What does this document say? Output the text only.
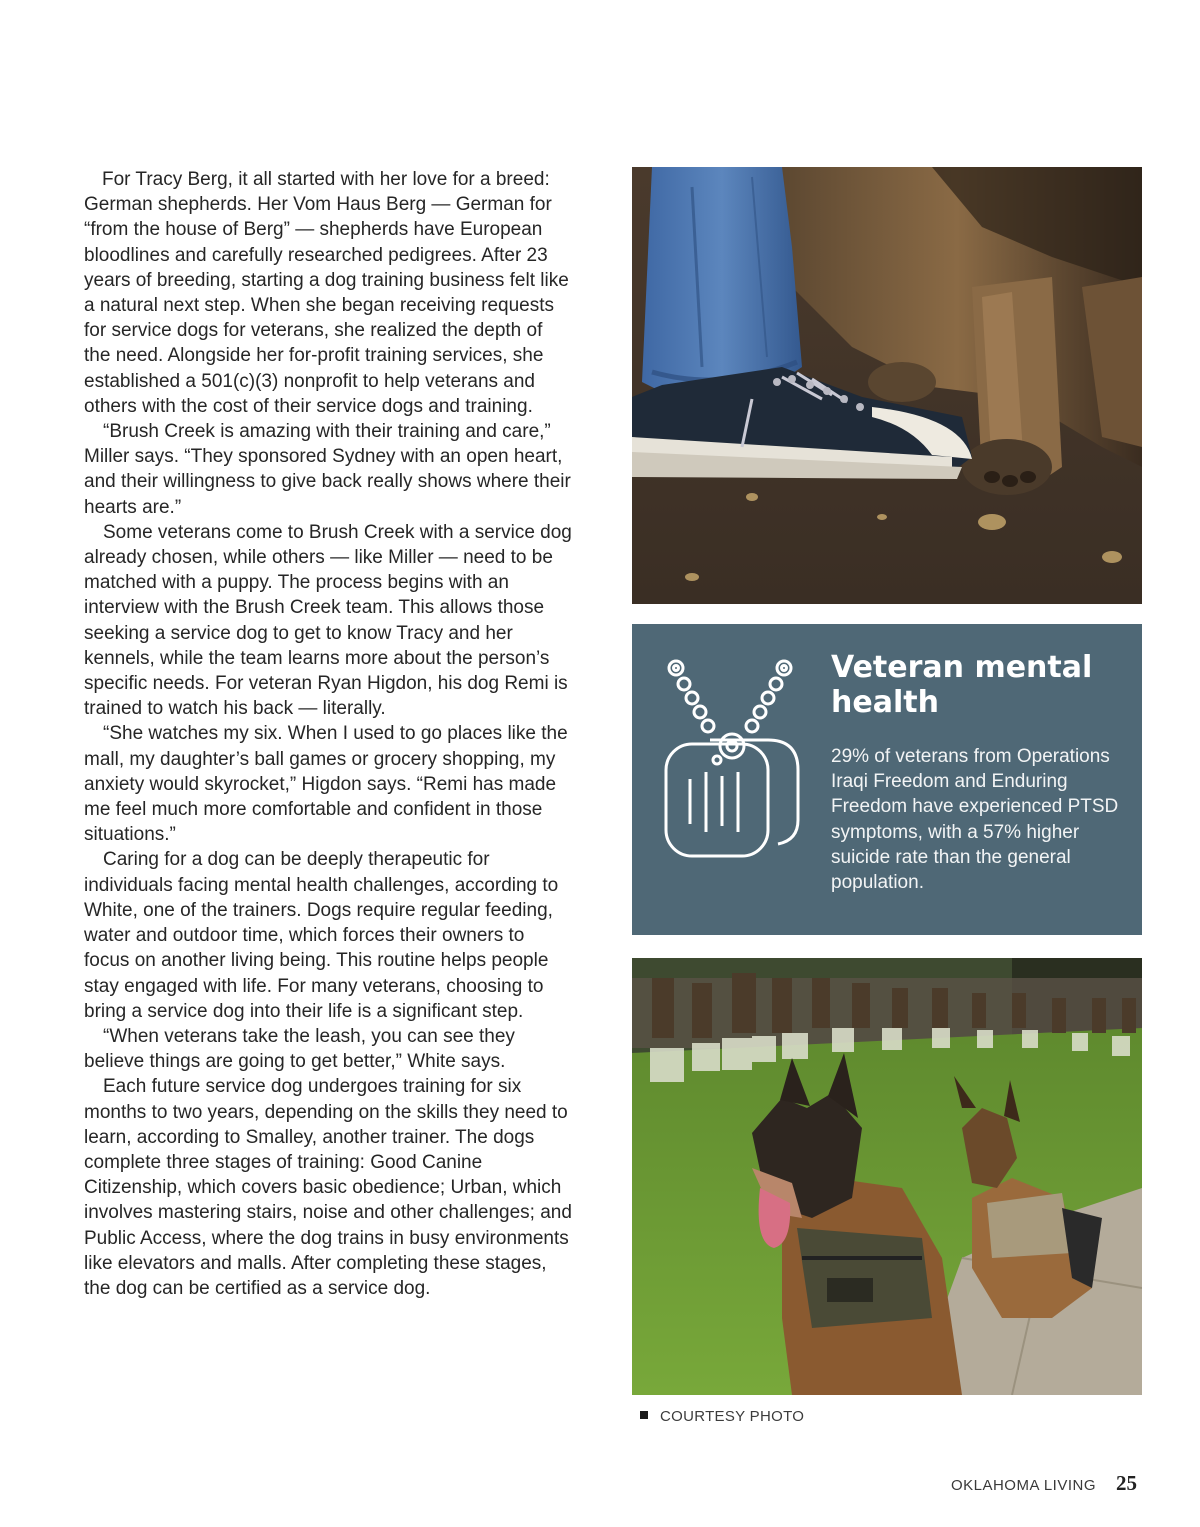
For Tracy Berg, it all started with her love for a breed: German shepherds. Her Vom Haus Berg — German for “from the house of Berg” — shepherds have European bloodlines and carefully researched pedigrees. After 23 years of breeding, starting a dog training business felt like a natural next step. When she began receiving requests for service dogs for veterans, she realized the depth of the need. Alongside her for-profit training services, she established a 501(c)(3) nonprofit to help veterans and others with the cost of their service dogs and training.

“Brush Creek is amazing with their training and care,” Miller says. “They sponsored Sydney with an open heart, and their willingness to give back really shows where their hearts are.”

Some veterans come to Brush Creek with a service dog already chosen, while others — like Miller — need to be matched with a puppy. The process begins with an interview with the Brush Creek team. This allows those seeking a service dog to get to know Tracy and her kennels, while the team learns more about the person’s specific needs. For veteran Ryan Higdon, his dog Remi is trained to watch his back — literally.

“She watches my six. When I used to go places like the mall, my daughter’s ball games or grocery shopping, my anxiety would skyrocket,” Higdon says. “Remi has made me feel much more comfortable and confident in those situations.”

Caring for a dog can be deeply therapeutic for individuals facing mental health challenges, according to White, one of the trainers. Dogs require regular feeding, water and outdoor time, which forces their owners to focus on another living being. This routine helps people stay engaged with life. For many veterans, choosing to bring a service dog into their life is a significant step.

“When veterans take the leash, you can see they believe things are going to get better,” White says.

Each future service dog undergoes training for six months to two years, depending on the skills they need to learn, according to Smalley, another trainer. The dogs complete three stages of training: Good Canine Citizenship, which covers basic obedience; Urban, which involves mastering stairs, noise and other challenges; and Public Access, where the dog trains in busy environments like elevators and malls. After completing these stages, the dog can be certified as a service dog.

Veteran mental health

29% of veterans from Operations Iraqi Freedom and Enduring Freedom have experienced PTSD symptoms, with a 57% higher suicide rate than the general population.

COURTESY PHOTO
OKLAHOMA LIVING 25
